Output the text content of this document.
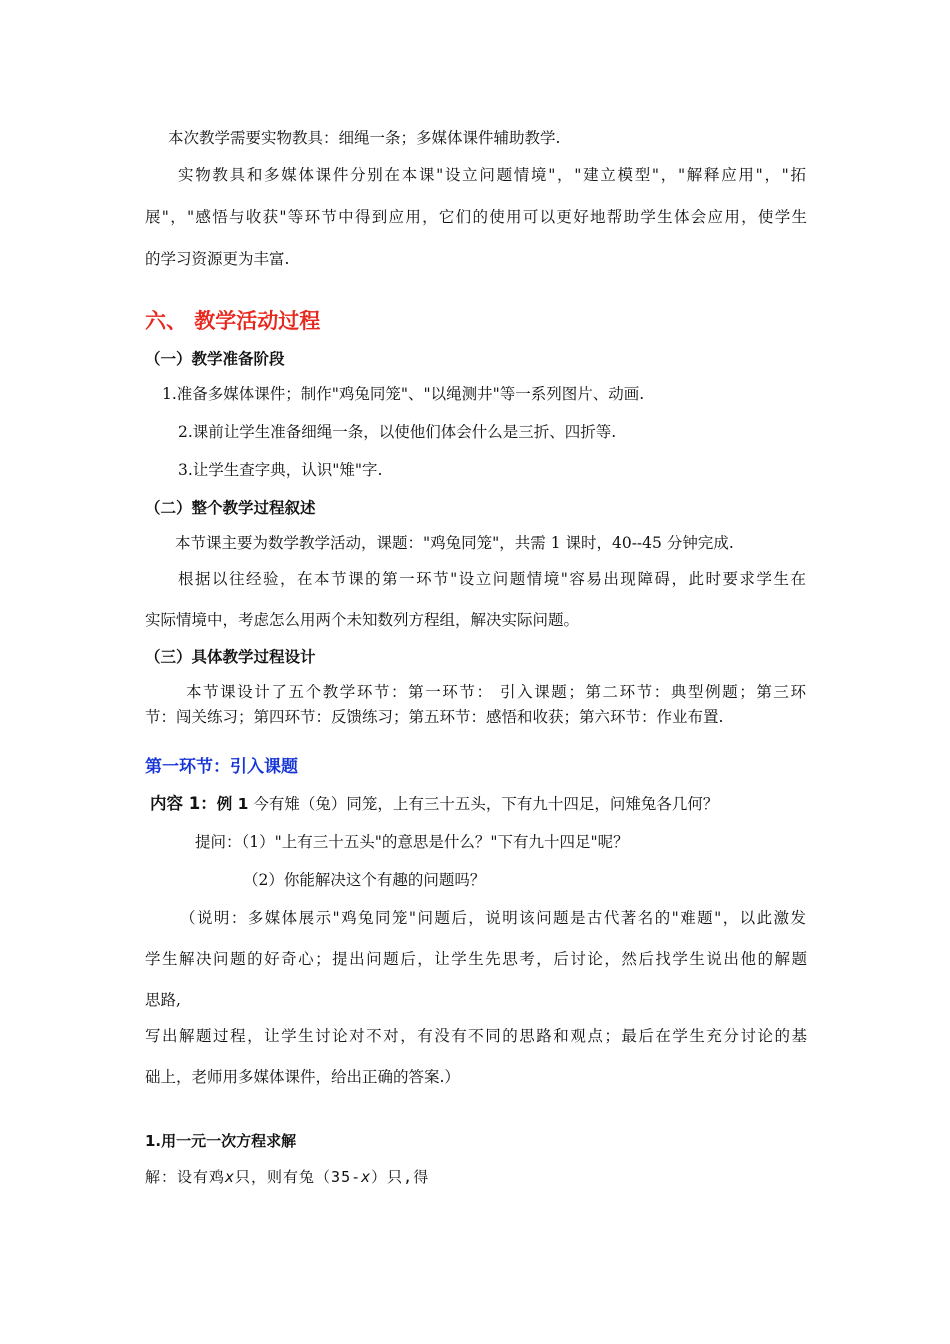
本次教学需要实物教具：细绳一条；多媒体课件辅助教学.
实物教具和多媒体课件分别在本课"设立问题情境"，"建立模型"，"解释应用"，"拓
展"，"感悟与收获"等环节中得到应用，它们的使用可以更好地帮助学生体会应用，使学生
的学习资源更为丰富.
六、 教学活动过程
（一）教学准备阶段
1.准备多媒体课件；制作"鸡兔同笼"、"以绳测井"等一系列图片、动画.
2.课前让学生准备细绳一条，以使他们体会什么是三折、四折等.
3.让学生查字典，认识"雉"字.
（二）整个教学过程叙述
本节课主要为数学教学活动，课题："鸡兔同笼"，共需 1 课时，40--45 分钟完成.
根据以往经验，在本节课的第一环节"设立问题情境"容易出现障碍，此时要求学生在
实际情境中，考虑怎么用两个未知数列方程组，解决实际问题。
（三）具体教学过程设计
本节课设计了五个教学环节：第一环节： 引入课题；第二环节：典型例题；第三环
节：闯关练习；第四环节：反馈练习；第五环节：感悟和收获；第六环节：作业布置.
第一环节：引入课题
内容 1：例 1 今有雉（兔）同笼，上有三十五头，下有九十四足，问雉兔各几何？
提问：（1）"上有三十五头"的意思是什么？"下有九十四足"呢？
（2）你能解决这个有趣的问题吗？
（说明：多媒体展示"鸡兔同笼"问题后，说明该问题是古代著名的"难题"，以此激发
学生解决问题的好奇心；提出问题后，让学生先思考，后讨论，然后找学生说出他的解题
思路,
写出解题过程，让学生讨论对不对，有没有不同的思路和观点；最后在学生充分讨论的基
础上，老师用多媒体课件，给出正确的答案.）
1.用一元一次方程求解
解：设有鸡x只，则有兔（35-x）只,得
